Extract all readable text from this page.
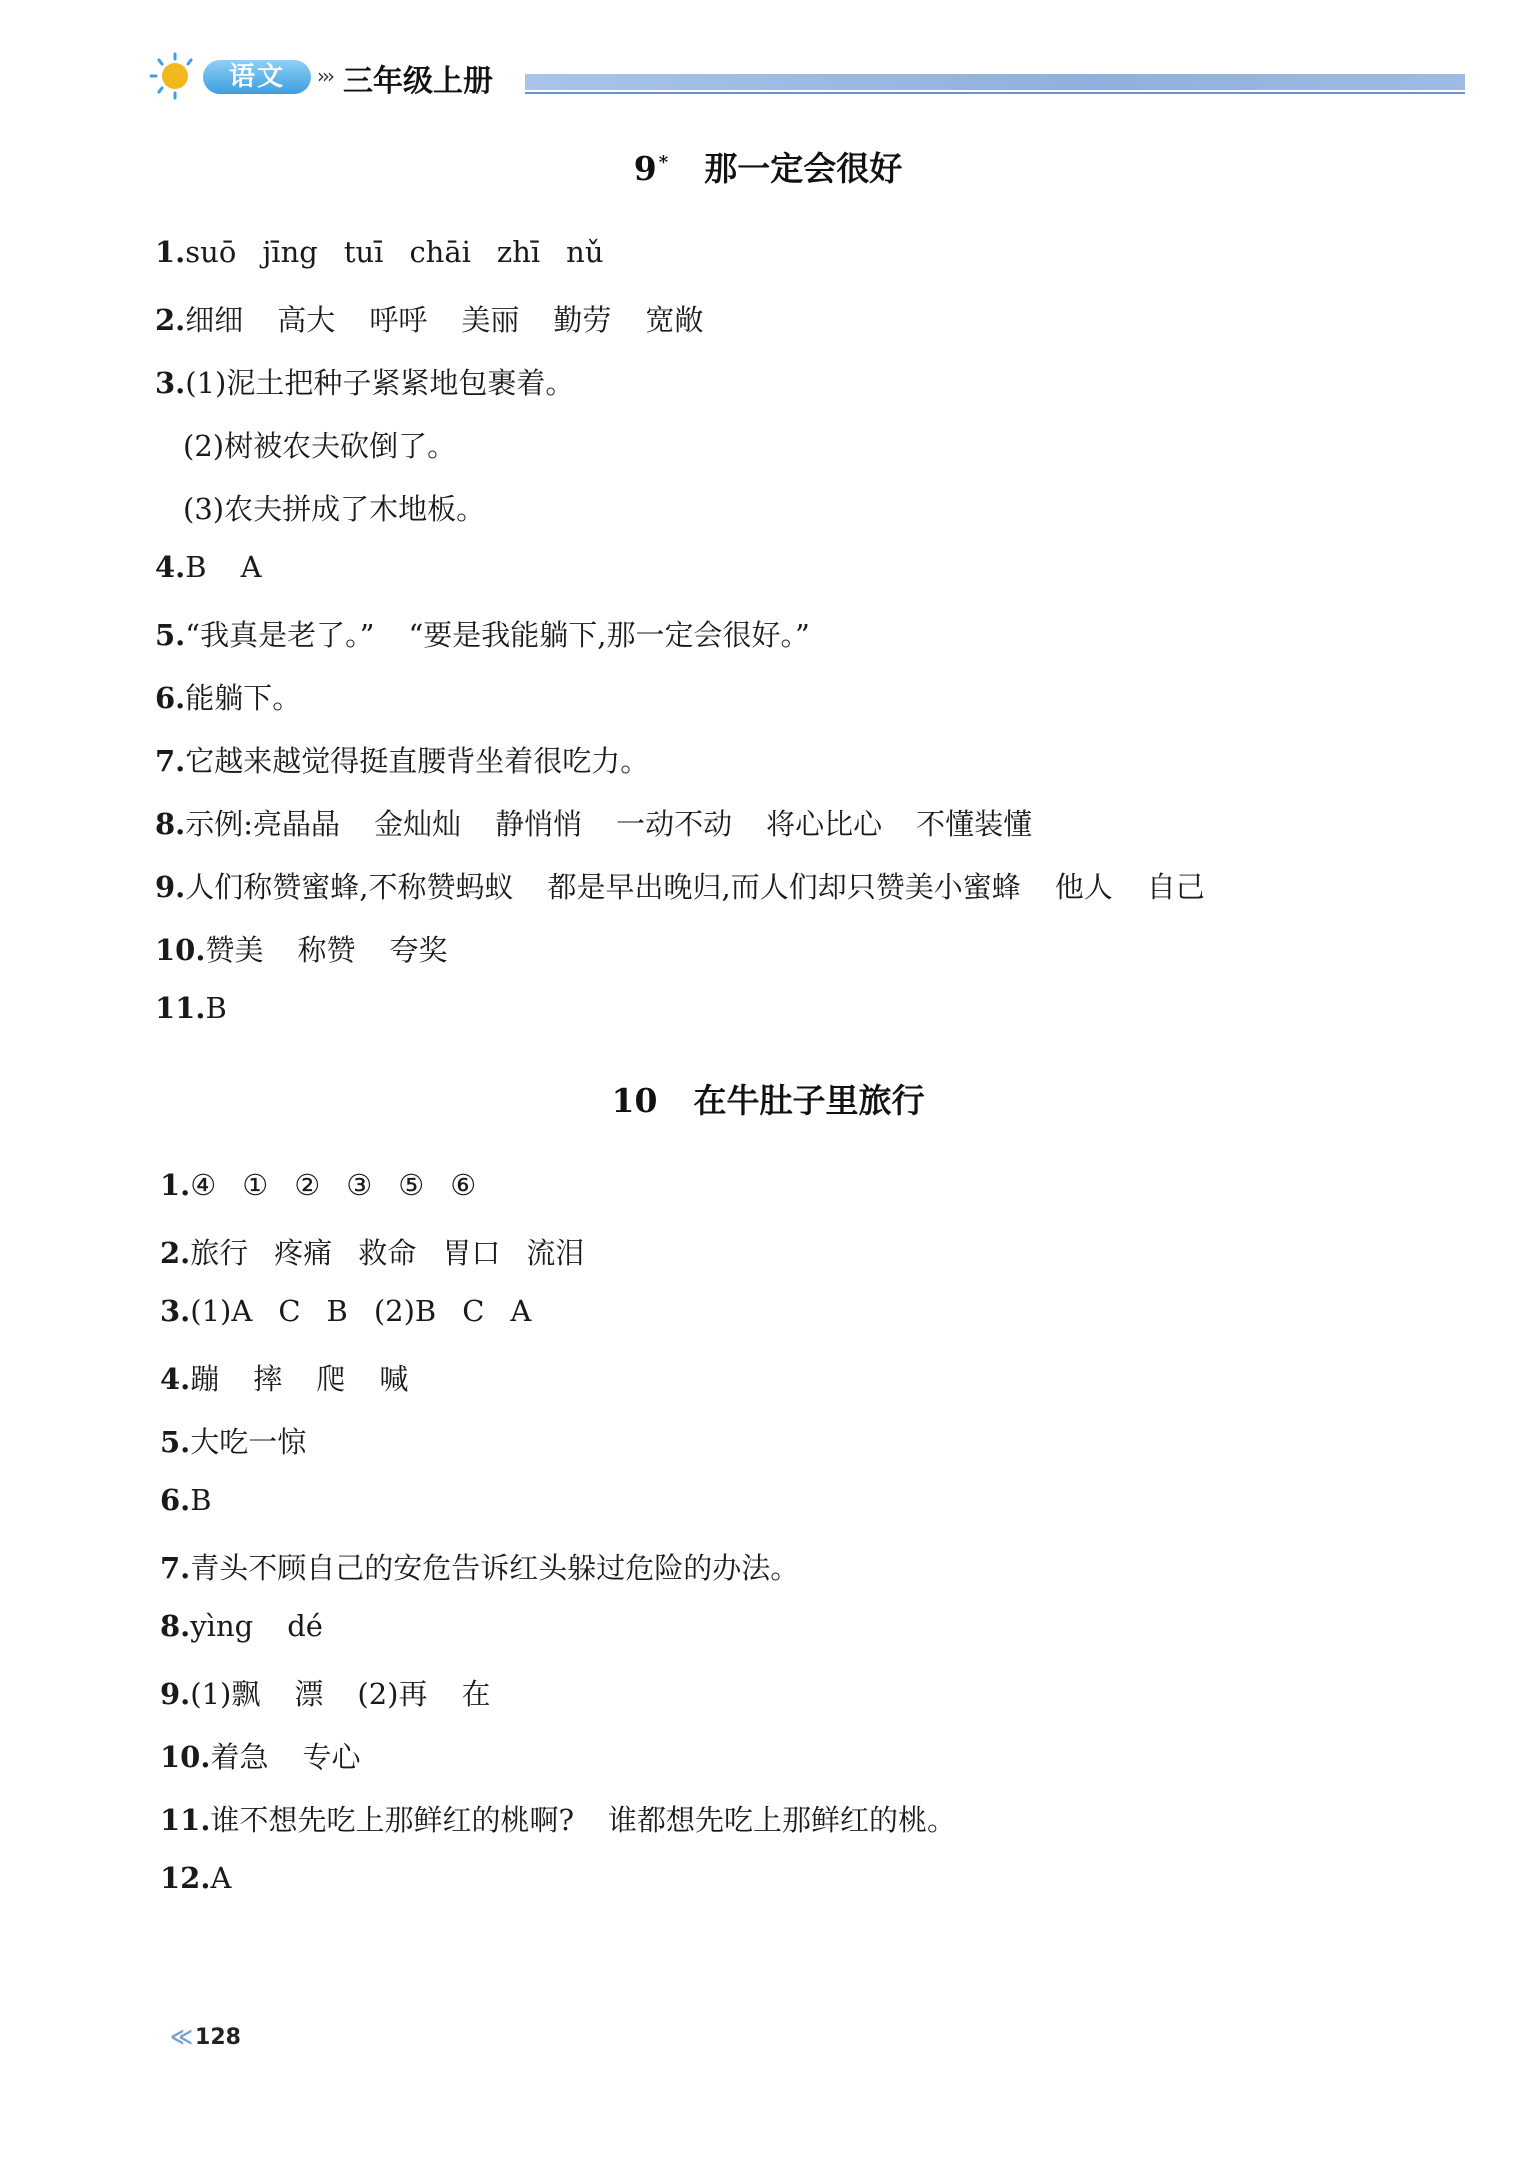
语文	››› 三年级上册
9 * 那一定会很好
1.suō jīng tuī chāi zhī nǔ
2.细细 高大 呼呼 美丽 勤劳 宽敞
3.(1)泥土把种子紧紧地包裹着。
(2)树被农夫砍倒了。
(3)农夫拼成了木地板。
4.B A
5.“我真是老了。” “要是我能躺下,那一定会很好。”
6.能躺下。
7.它越来越觉得挺直腰背坐着很吃力。
8.示例:亮晶晶 金灿灿 静悄悄 一动不动 将心比心 不懂装懂
9.人们称赞蜜蜂,不称赞蚂蚁 都是早出晚归,而人们却只赞美小蜜蜂 他人 自己
10.赞美 称赞 夸奖
11.B
10 在牛肚子里旅行
1.④ ① ② ③ ⑤ ⑥
2.旅行 疼痛 救命 胃口 流泪
3.(1)A C B (2)B C A
4.蹦 摔 爬 喊
5.大吃一惊
6.B
7.青头不顾自己的安危告诉红头躲过危险的办法。
8.yìng dé
9.(1)飘 漂 (2)再 在
10.着急 专心
11.谁不想先吃上那鲜红的桃啊? 谁都想先吃上那鲜红的桃。
12.A
≪ 128
